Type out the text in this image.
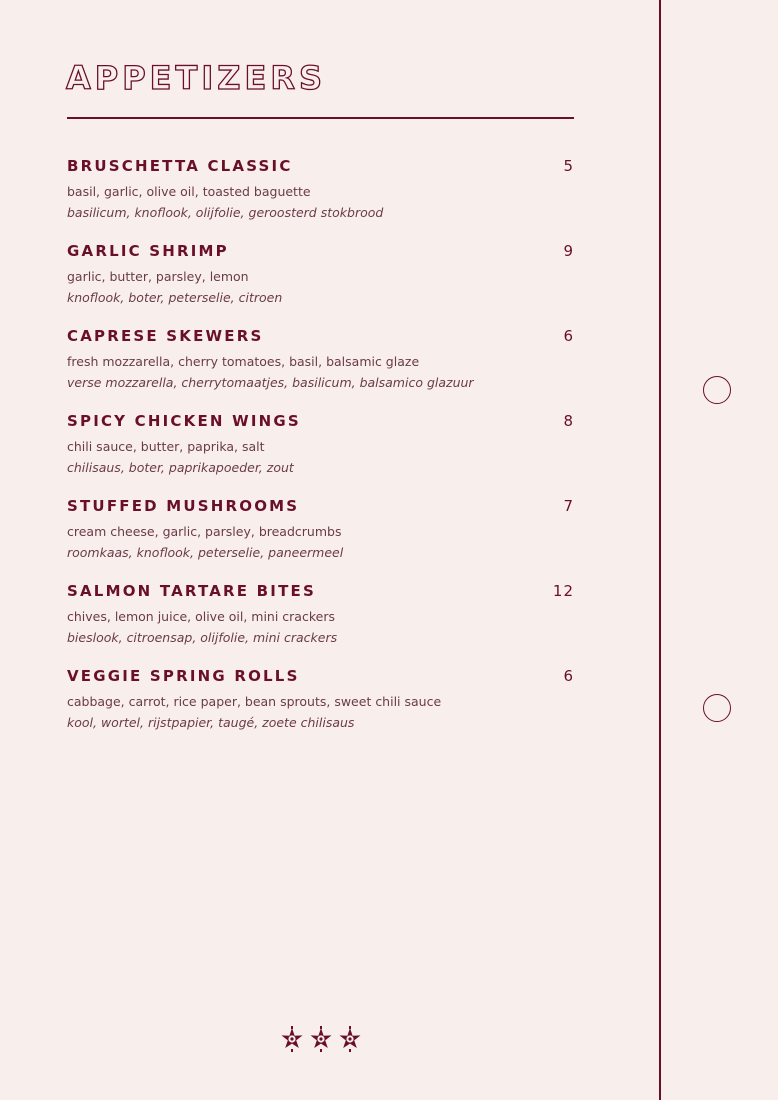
APPETIZERS
BRUSCHETTA CLASSIC	5
basil, garlic, olive oil, toasted baguette
basilicum, knoflook, olijfolie, geroosterd stokbrood
GARLIC SHRIMP	9
garlic, butter, parsley, lemon
knoflook, boter, peterselie, citroen
CAPRESE SKEWERS	6
fresh mozzarella, cherry tomatoes, basil, balsamic glaze
verse mozzarella, cherrytomaatjes, basilicum, balsamico glazuur
SPICY CHICKEN WINGS	8
chili sauce, butter, paprika, salt
chilisaus, boter, paprikapoeder, zout
STUFFED MUSHROOMS	7
cream cheese, garlic, parsley, breadcrumbs
roomkaas, knoflook, peterselie, paneermeel
SALMON TARTARE BITES	12
chives, lemon juice, olive oil, mini crackers
bieslook, citroensap, olijfolie, mini crackers
VEGGIE SPRING ROLLS	6
cabbage, carrot, rice paper, bean sprouts, sweet chili sauce
kool, wortel, rijstpapier, taugé, zoete chilisaus
